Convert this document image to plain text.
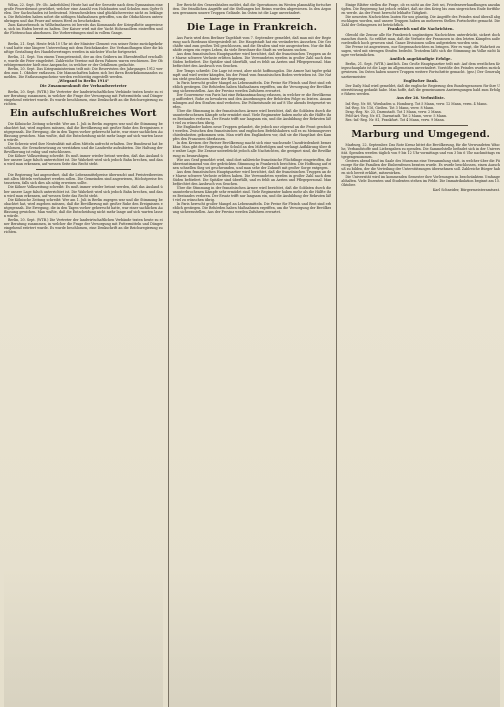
Wilna, 22. Sept. (Pr. Ob. Anbefohlen) Heute hat auf der Seeseite nach dem Gymnasium eine große Feuersbrunst gewüthet, welcher eine Anzahl von Holzbauten und Schulen zum Opfer fielen. Der Sachschaden ist bedeutend. Menschenleben sind glücklicherweise nicht zu beklagen. Die Behörden haben sofort die nöthigen Maßnahmen getroffen, um die Obdachlosen unterzubringen und das Feuer auf seinen Herd zu beschränken.

Zum Kaiserbesuch in Wilhelmshaven ist bereits das Kommando der Kriegsflotte angewiesen, sich im Hafen bereit zu halten. Der Kaiser wird mit der Yacht Hohenzollern eintreffen und die Flottenschau abnehmen. Die Vorbereitungen sind in vollem Gange.

Berlin, 21. Sept. Heute früh 10 Uhr ist der Minister Clement von seiner Reise zurückgekehrt und hatte eine längere Unterredung mit dem Reichskanzler. Die Verhandlungen über die künftige Gestaltung des Handelsvertrages werden in nächster Woche fortgesetzt.

Berlin, 21. Sept. Von einem Trompetenstoß, der an den Gräbern im Ehrenfriedhof erschallte, wurde die Feier eingeleitet. Zahlreiche Vereine mit ihren Fahnen waren erschienen. Der Oberbürgermeister hielt eine Ansprache, in welcher er der Gefallenen gedachte.

Berlin, 20. Sept. Das Kriegsministerium teilt mit: Die Reservisten des Jahrganges 1912 werden zum 1. Oktober entlassen. Die Mannschaften haben sich bei ihren Bezirkskommandos zu melden. Die Entlassungsscheine werden rechtzeitig zugestellt werden.

„Wiegand in Berlin 1914"

Die Zusammenkunft der Verbandsvertreter

Berlin, 20. Sept. (WTB.) Die Vertreter der landwirtschaftlichen Verbände traten heute zu einer Beratung zusammen, in welcher die Frage der Versorgung mit Futtermitteln und Dünger eingehend erörtert wurde. Es wurde beschlossen, eine Denkschrift an die Reichsregierung zu richten.

Ein aufschlußreiches Wort

Die Kölnische Zeitung schreibt: Wer am 1. Juli in Berlin zugegen war und die Stimmung beobachtet hat, wird zugeben müssen, daß die Bevölkerung mit großer Ruhe den Ereignissen entgegensah. Die Erregung, die in den Tagen vorher geherrscht hatte, war einer sachlichen Auffassung gewichen. Man wußte, daß die Entscheidung nicht mehr lange auf sich warten lassen würde.

Die Schweiz wird ihre Neutralität mit allen Mitteln aufrecht erhalten. Der Bundesrat hat beschlossen, die Grenzbesetzung zu verstärken und die Landwehr aufzubieten. Die Haltung der Bevölkerung ist ruhig und entschlossen.

Die Kölner Volkszeitung schreibt: Es muß immer wieder betont werden, daß das Ausland über unsere Lage falsch unterrichtet ist. Die Wahrheit wird sich jedoch Bahn brechen, und dann wird man erkennen, auf wessen Seite das Recht steht.

Die Regierung hat angeordnet, daß die Lebensmittelpreise überwacht und Preistreibereien mit allen Mitteln verhindert werden sollen. Die Gemeinden sind angewiesen, Höchstpreise festzusetzen, falls sich dies als nötig erweisen sollte.

Die Kölner Volkszeitung schreibt: Es muß immer wieder betont werden, daß das Ausland über unsere Lage falsch unterrichtet ist. Die Wahrheit wird sich jedoch Bahn brechen, und dann wird man erkennen, auf wessen Seite das Recht steht.

Die Kölnische Zeitung schreibt: Wer am 1. Juli in Berlin zugegen war und die Stimmung beobachtet hat, wird zugeben müssen, daß die Bevölkerung mit großer Ruhe den Ereignissen entgegensah. Die Erregung, die in den Tagen vorher geherrscht hatte, war einer sachlichen Auffassung gewichen. Man wußte, daß die Entscheidung nicht mehr lange auf sich warten lassen würde.

Berlin, 20. Sept. (WTB.) Die Vertreter der landwirtschaftlichen Verbände traten heute zu einer Beratung zusammen, in welcher die Frage der Versorgung mit Futtermitteln und Dünger eingehend erörtert wurde. Es wurde beschlossen, eine Denkschrift an die Reichsregierung zu richten.

Der Bericht des Generalstabes meldet, daß die Operationen im Westen planmäßig fortschreiten. Die feindlichen Angriffe auf die Stellungen bei Reims wurden abgewiesen. In den Argonnen gewannen unsere Truppen Gelände. Im Osten ist die Lage unverändert.

Die Lage in Frankreich.

Aus Paris wird dem Berliner Tageblatt vom 7. September gemeldet, daß man mit der Regierung nach Bordeaux übergesiedelt ist. Die Hauptstadt hat ein verändertes Aussehen. Die Geschäfte sind zum großen Teil geschlossen, und die Straßen sind wie ausgestorben. Nur die Bahnhöfe zeigen ein reges Leben, da viele Bewohner die Stadt zu verlassen suchen.

Aus dem französischen Hauptquartier wird berichtet, daß die französischen Truppen an der Marne schwere Verluste erlitten haben. Die Verwundeten werden in großer Zahl nach dem Süden befördert. Die Spitäler sind überfüllt, und es fehlt an Ärzten und Pflegepersonal. Man befürchtet den Ausbruch von Seuchen.

Der Temps schreibt: Die Lage ist ernst, aber nicht hoffnungslos. Die Armee hat tapfer gekämpft und wird weiter kämpfen, bis der Feind vom französischen Boden vertrieben ist. Die Nation steht geschlossen hinter der Regierung.

In Paris herrscht großer Mangel an Lebensmitteln. Die Preise für Fleisch und Brot sind erheblich gestiegen. Die Behörden haben Maßnahmen ergriffen, um die Versorgung der Bevölkerung sicherzustellen. Aus der Provinz werden Zufuhren erwartet.

Der Gouverneur von Paris hat eine Bekanntmachung erlassen, in welcher er die Bevölkerung auffordert, Ruhe zu bewahren und den Anordnungen der Behörden Folge zu leisten. Ansammlungen auf den Straßen sind verboten. Die Polizeistunde ist auf 8 Uhr abends festgesetzt worden.

Über die Stimmung in der französischen Armee wird berichtet, daß die Soldaten durch die ununterbrochenen Kämpfe sehr ermüdet sind. Viele Regimenter haben mehr als die Hälfte ihres Bestandes verloren. Der Ersatz trifft nur langsam ein, und die Ausbildung der Rekruten läßt viel zu wünschen übrig.

Die Engländer haben neue Truppen gelandet, die jedoch nur zögernd an die Front geschickt werden. Zwischen den französischen und englischen Befehlshabern soll es zu Meinungsverschiedenheiten gekommen sein. Man wirft den Engländern vor, daß sie die Hauptlast des Kampfes den Franzosen überlassen.

In den Kreisen der Pariser Bevölkerung macht sich eine wachsende Unzufriedenheit bemerkbar. Man gibt der Regierung die Schuld an den Mißerfolgen und verlangt Aufklärung über die wahre Lage. Die Zensur unterdrückt jedoch alle Nachrichten, die geeignet sind, die Bevölkerung zu beunruhigen.

Wie aus Genf gemeldet wird, sind dort zahlreiche französische Flüchtlinge eingetroffen, die übereinstimmend von der gedrückten Stimmung in Frankreich berichten. Die Hoffnung auf einen schnellen Sieg sei geschwunden, und man sehe der Zukunft mit großer Sorge entgegen.

Aus dem französischen Hauptquartier wird berichtet, daß die französischen Truppen an der Marne schwere Verluste erlitten haben. Die Verwundeten werden in großer Zahl nach dem Süden befördert. Die Spitäler sind überfüllt, und es fehlt an Ärzten und Pflegepersonal. Man befürchtet den Ausbruch von Seuchen.

Über die Stimmung in der französischen Armee wird berichtet, daß die Soldaten durch die ununterbrochenen Kämpfe sehr ermüdet sind. Viele Regimenter haben mehr als die Hälfte ihres Bestandes verloren. Der Ersatz trifft nur langsam ein, und die Ausbildung der Rekruten läßt viel zu wünschen übrig.

In Paris herrscht großer Mangel an Lebensmitteln. Die Preise für Fleisch und Brot sind erheblich gestiegen. Die Behörden haben Maßnahmen ergriffen, um die Versorgung der Bevölkerung sicherzustellen. Aus der Provinz werden Zufuhren erwartet.

Einige Blätter stellen die Frage, ob es nicht an der Zeit sei, Friedensverhandlungen anzuknüpfen. Die Regierung hat jedoch erklärt, daß sie den Krieg bis zum siegreichen Ende fortführen werde. An der Front herrscht lebhafte Tätigkeit.

Die neuesten Nachrichten lauten für uns günstig. Die Angriffe des Feindes sind überall abgeschlagen worden, und unsere Truppen haben an mehreren Stellen Fortschritte gemacht. Die Zahl der Gefangenen ist beträchtlich.

Frankreich und die Nachrichten.

Obwohl die Zensur alle für Frankreich ungünstigen Nachrichten unterdrückt, sickert doch manches durch. So erfährt man, daß die Verluste der Franzosen in den letzten Kämpfen außerordentlich hoch gewesen sind. Ganze Divisionen sollen aufgerieben worden sein.

Die Presse ist angewiesen, nur Siegesnachrichten zu bringen. Wer es wagt, die Wahrheit zu sagen, wird mit strengen Strafen bedroht. Trotzdem läßt sich die Stimmung im Volke nicht länger verheimlichen.

Amtlich angekündigte Erfolge.

Berlin, 21. Sept. (WTB.) Amtlich. Das Große Hauptquartier teilt mit: Auf dem westlichen Kriegsschauplatz ist die Lage im allgemeinen unverändert. Vorstöße des Feindes wurden zurückgewiesen. Im Osten haben unsere Truppen weitere Fortschritte gemacht. (gez.) Der Generalquartiermeister.

Englischer Dank.

Der Daily Mail wird gemeldet, daß die englische Regierung den Bundesgenossen für ihre Unterstützung gedankt habe. Man hoffe, daß die gemeinsamen Anstrengungen bald zum Erfolge führen werden.

Aus der 26. Verlustliste.

Inf.-Reg. Nr. 80, Wiesbaden u. Homburg. Tot 5 Mann, verw. 12 Mann, verm. 4 Mann.

Inf.-Reg. Nr. 116, Gießen. Tot 3 Mann, verw. 8 Mann.

Drag.-Reg. Nr. 23, Darmstadt. Tot 1 Mann, verw. 2 Mann.

Feld-Art.-Reg. Nr. 61, Darmstadt. Tot 2 Mann, verw. 5 Mann.

Res.-Inf.-Reg. Nr. 81, Frankfurt. Tot 4 Mann, verw. 9 Mann.

Marburg und Umgegend.

Marburg, 22. September. Das Rote Kreuz bittet die Bevölkerung, für die Verwundeten Wäsche, Verbandstoffe und Liebesgaben zu spenden. Die Sammelstelle befindet sich in der Universität. Spenden werden täglich von 9 bis 12 Uhr vormittags und von 3 bis 6 Uhr nachmittags entgegengenommen.

Gestern abend fand im Saale des Museums eine Versammlung statt, in welcher über die Fürsorge für die Familien der Einberufenen beraten wurde. Es wurde beschlossen, einen Ausschuß zu bilden, der die Verteilung der Unterstützungen übernehmen soll. Zahlreiche Bürger haben sich bereit erklärt, mitzuwirken.

Die Universität wird im kommenden Semester ihre Vorlesungen in beschränktem Umfange abhalten. Viele Dozenten und Studenten stehen im Felde. Die Immatrikulation beginnt am 15. Oktober.

Karl Schneider, Bürgermeisteramtsrat.
